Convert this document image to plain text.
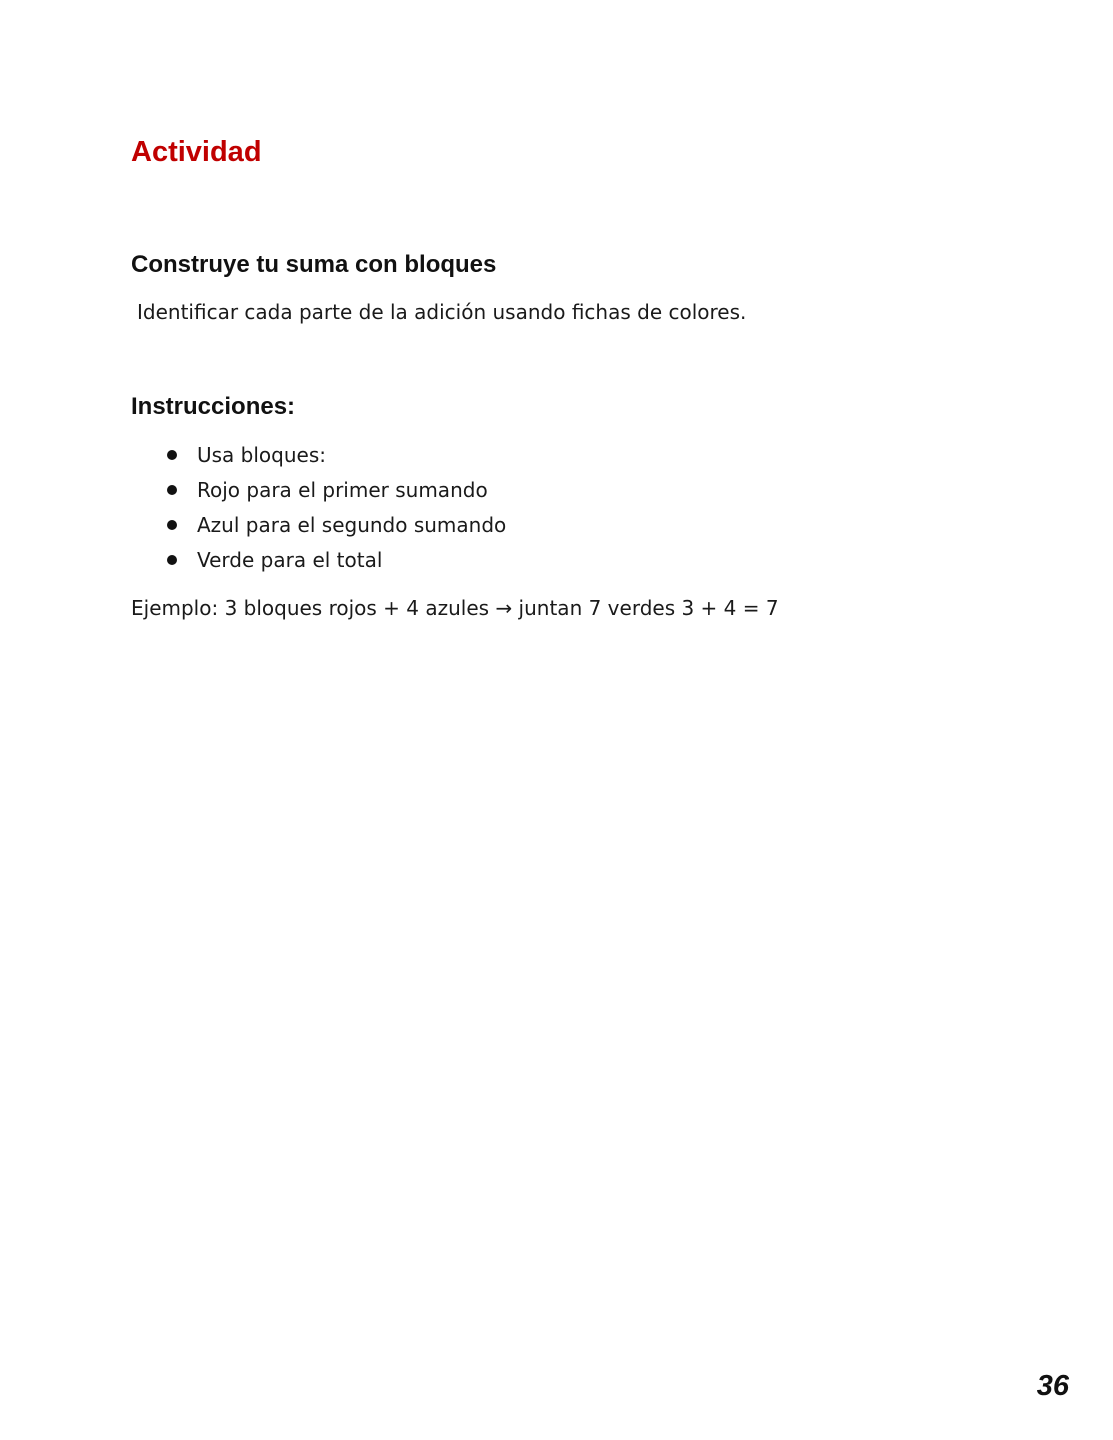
Actividad
Construye tu suma con bloques

Identificar cada parte de la adición usando fichas de colores.

Instrucciones:
Usa bloques:
Rojo para el primer sumando
Azul para el segundo sumando
Verde para el total

Ejemplo: 3 bloques rojos + 4 azules → juntan 7 verdes 3 + 4 = 7

36
